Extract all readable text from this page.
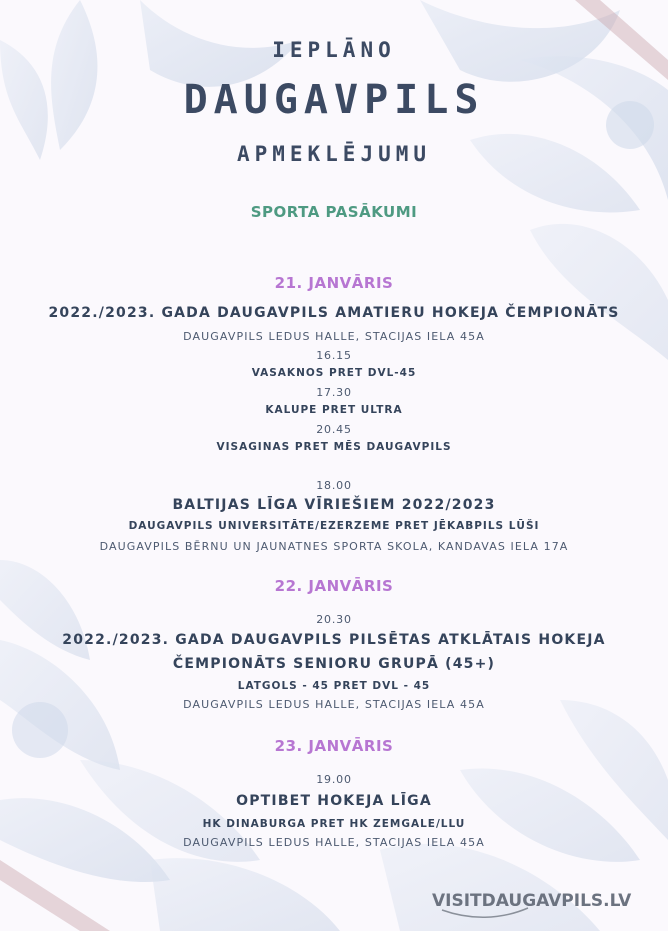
IEPLĀNO
DAUGAVPILS
APMEKLĒJUMU
SPORTA PASĀKUMI
21. JANVĀRIS
2022./2023. GADA DAUGAVPILS AMATIERU HOKEJA ČEMPIONĀTS
DAUGAVPILS LEDUS HALLE, STACIJAS IELA 45A
16.15
VASAKNOS PRET DVL-45
17.30
KALUPE PRET ULTRA
20.45
VISAGINAS PRET MĒS DAUGAVPILS
18.00
BALTIJAS LĪGA VĪRIEŠIEM 2022/2023
DAUGAVPILS UNIVERSITĀTE/EZERZEME PRET JĒKABPILS LŪŠI
DAUGAVPILS BĒRNU UN JAUNATNES SPORTA SKOLA, KANDAVAS IELA 17A
22. JANVĀRIS
20.30
2022./2023. GADA DAUGAVPILS PILSĒTAS ATKLĀTAIS HOKEJA
ČEMPIONĀTS SENIORU GRUPĀ (45+)
LATGOLS - 45 PRET DVL - 45
DAUGAVPILS LEDUS HALLE, STACIJAS IELA 45A
23. JANVĀRIS
19.00
OPTIBET HOKEJA LĪGA
HK DINABURGA PRET HK ZEMGALE/LLU
DAUGAVPILS LEDUS HALLE, STACIJAS IELA 45A
VISITDAUGAVPILS.LV
